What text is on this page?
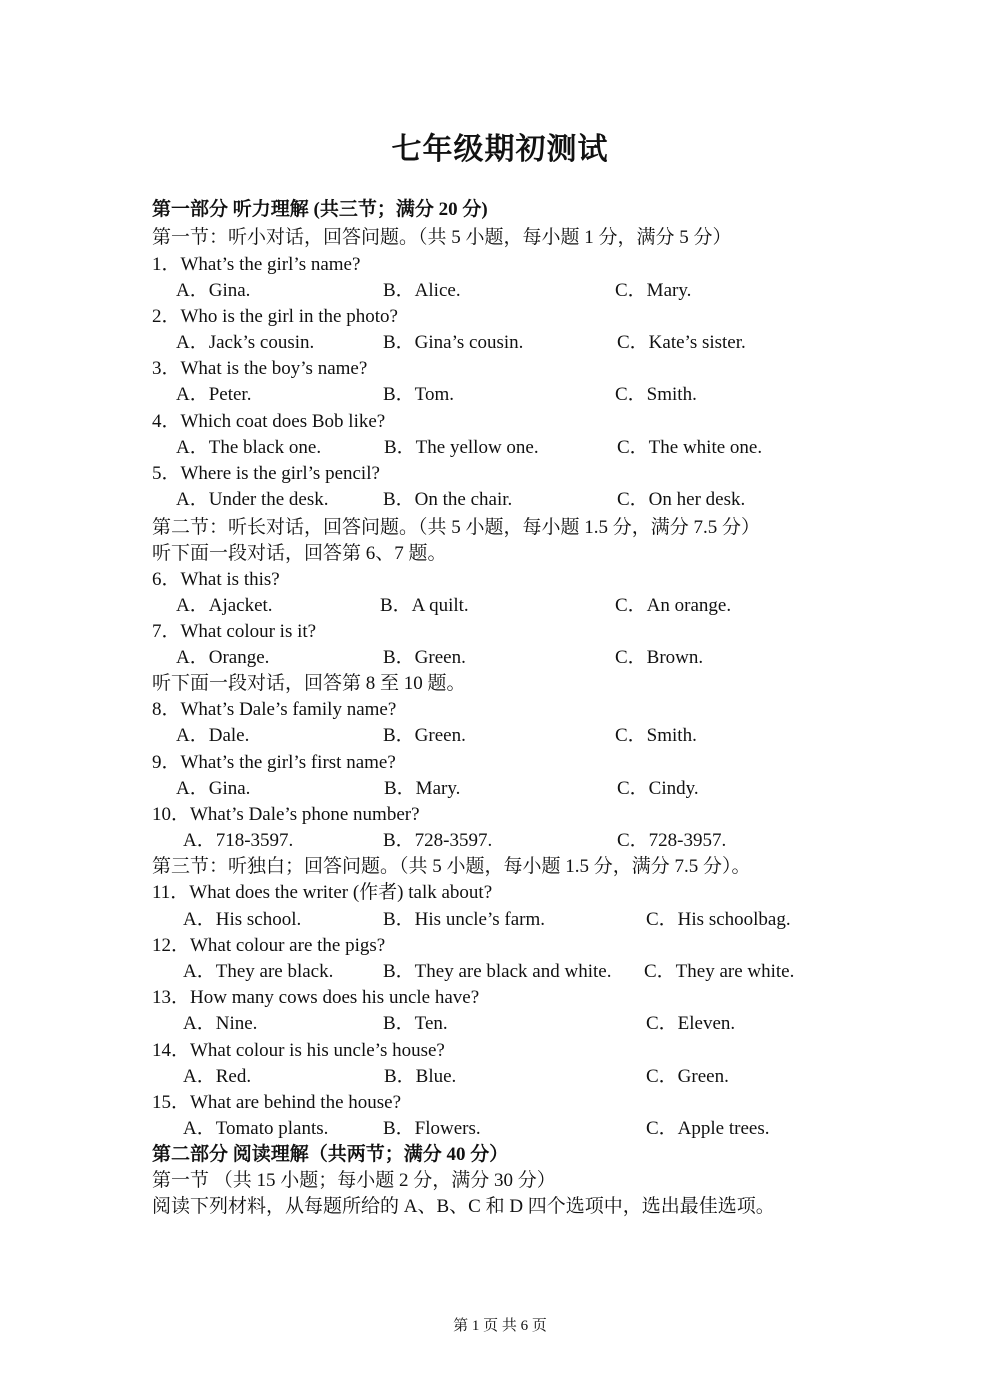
七年级期初测试
第一部分 听力理解 (共三节；满分 20 分)
第一节：听小对话，回答问题。（共 5 小题，每小题 1 分，满分 5 分）
1．What’s the girl’s name?
A．Gina.	B．Alice.	C．Mary.
2．Who is the girl in the photo?
A．Jack’s cousin.	B．Gina’s cousin.	C．Kate’s sister.
3．What is the boy’s name?
A．Peter.	B．Tom.	C．Smith.
4．Which coat does Bob like?
A．The black one.	B．The yellow one.	C．The white one.
5．Where is the girl’s pencil?
A．Under the desk.	B．On the chair.	C．On her desk.
第二节：听长对话，回答问题。（共 5 小题，每小题 1.5 分，满分 7.5 分）
听下面一段对话，回答第 6、7 题。
6．What is this?
A．Ajacket.	B．A quilt.	C．An orange.
7．What colour is it?
A．Orange.	B．Green.	C．Brown.
听下面一段对话，回答第 8 至 10 题。
8．What’s Dale’s family name?
A．Dale.	B．Green.	C．Smith.
9．What’s the girl’s first name?
A．Gina.	B．Mary.	C．Cindy.
10．What’s Dale’s phone number?
A．718-3597.	B．728-3597.	C．728-3957.
第三节：听独白；回答问题。（共 5 小题，每小题 1.5 分，满分 7.5 分）。
11．What does the writer (作者) talk about?
A．His school.	B．His uncle’s farm.	C．His schoolbag.
12．What colour are the pigs?
A．They are black.	B．They are black and white. C．They are white.
13．How many cows does his uncle have?
A．Nine.	B．Ten.	C．Eleven.
14．What colour is his uncle’s house?
A．Red.	B．Blue.	C．Green.
15．What are behind the house?
A．Tomato plants.	B．Flowers.	C．Apple trees.
第二部分 阅读理解（共两节；满分 40 分）
第一节 （共 15 小题；每小题 2 分，满分 30 分）
阅读下列材料，从每题所给的 A、B、C 和 D 四个选项中，选出最佳选项。
第 1 页 共 6 页
